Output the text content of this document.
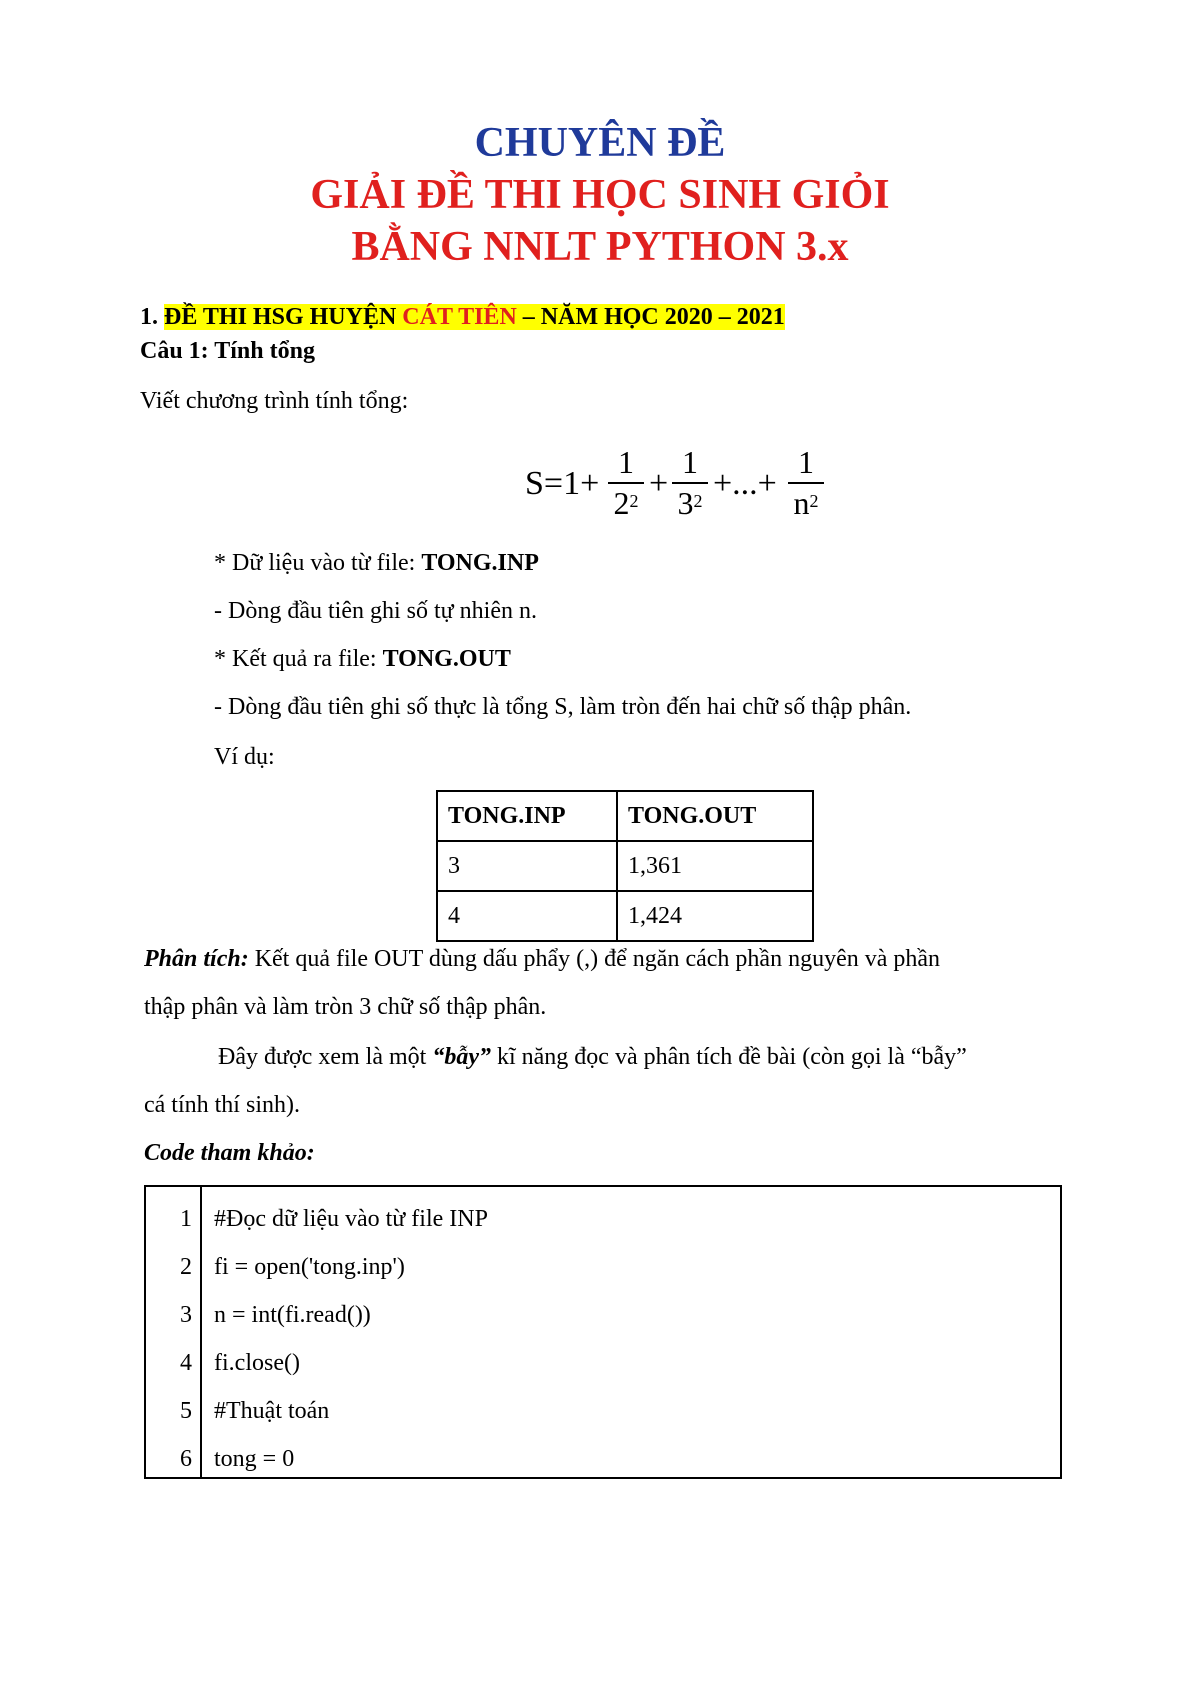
CHUYÊN ĐỀ
GIẢI ĐỀ THI HỌC SINH GIỎI
BẰNG NNLT PYTHON 3.x
1. ĐỀ THI HSG HUYỆN CÁT TIÊN – NĂM HỌC 2020 – 2021
Câu 1: Tính tổng
Viết chương trình tính tổng:
S=1+
1
$2^2$ +
1
$3^2$ +...+
1
$n^2$
* Dữ liệu vào từ file: TONG.INP
- Dòng đầu tiên ghi số tự nhiên n.
* Kết quả ra file: TONG.OUT
- Dòng đầu tiên ghi số thực là tổng S, làm tròn đến hai chữ số thập phân.
Ví dụ:
TONG.INP	TONG.OUT
3	1,361
4	1,424
Phân tích: Kết quả file OUT dùng dấu phẩy (,) để ngăn cách phần nguyên và phần
thập phân và làm tròn 3 chữ số thập phân.
Đây được xem là một “bẫy” kĩ năng đọc và phân tích đề bài (còn gọi là “bẫy”
cá tính thí sinh).
Code tham khảo:
1 #Đọc dữ liệu vào từ file INP
2 fi = open('tong.inp')
3 n = int(fi.read())
4 fi.close()
5 #Thuật toán
6 tong = 0
